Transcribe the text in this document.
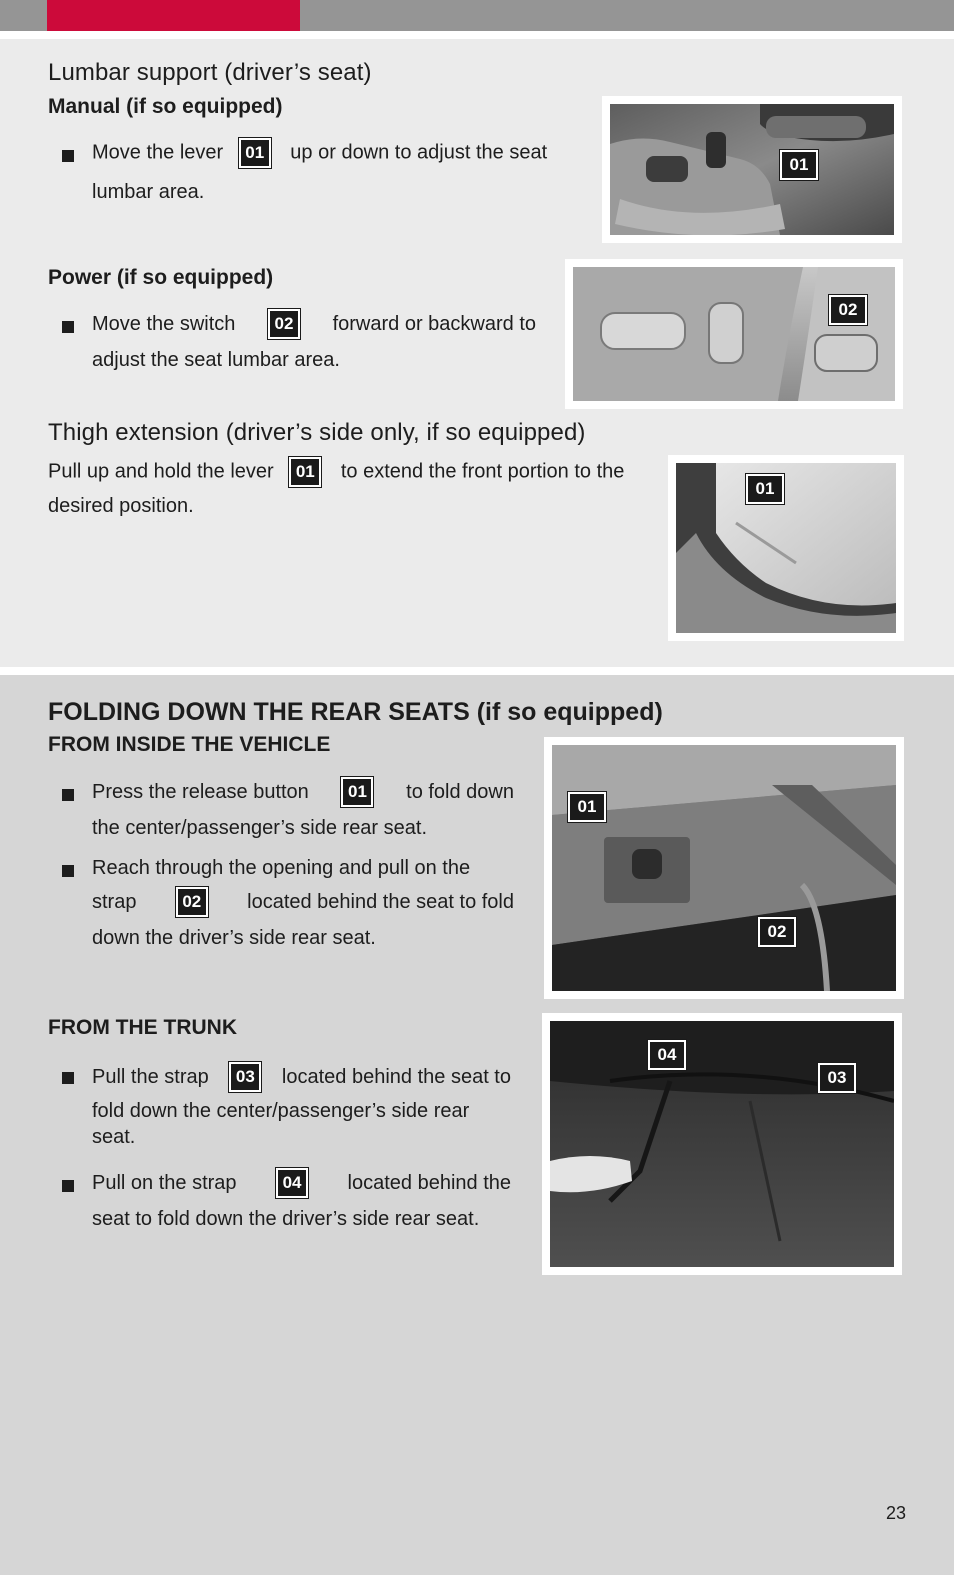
Lumbar support (driver’s seat)
Manual (if so equipped)
Move the lever 01 up or down to adjust the seat
lumbar area.
01
Power (if so equipped)
Move the switch	02	forward or backward to
adjust the seat lumbar area.
02
Thigh extension (driver’s side only, if so equipped)
Pull up and hold the lever 01 to extend the front portion to the
desired position.
01
FOLDING DOWN THE REAR SEATS (if so equipped)
FROM INSIDE THE VEHICLE
Press the release button	01	to fold down
the center/passenger’s side rear seat.
Reach through the opening and pull on the
strap	02	located behind the seat to fold
down the driver’s side rear seat.
01
02
FROM THE TRUNK
Pull the strap	03	located behind the seat to
fold down the center/passenger’s side rear
seat.
Pull on the strap	04	located behind the
seat to fold down the driver’s side rear seat.
04
03
23
